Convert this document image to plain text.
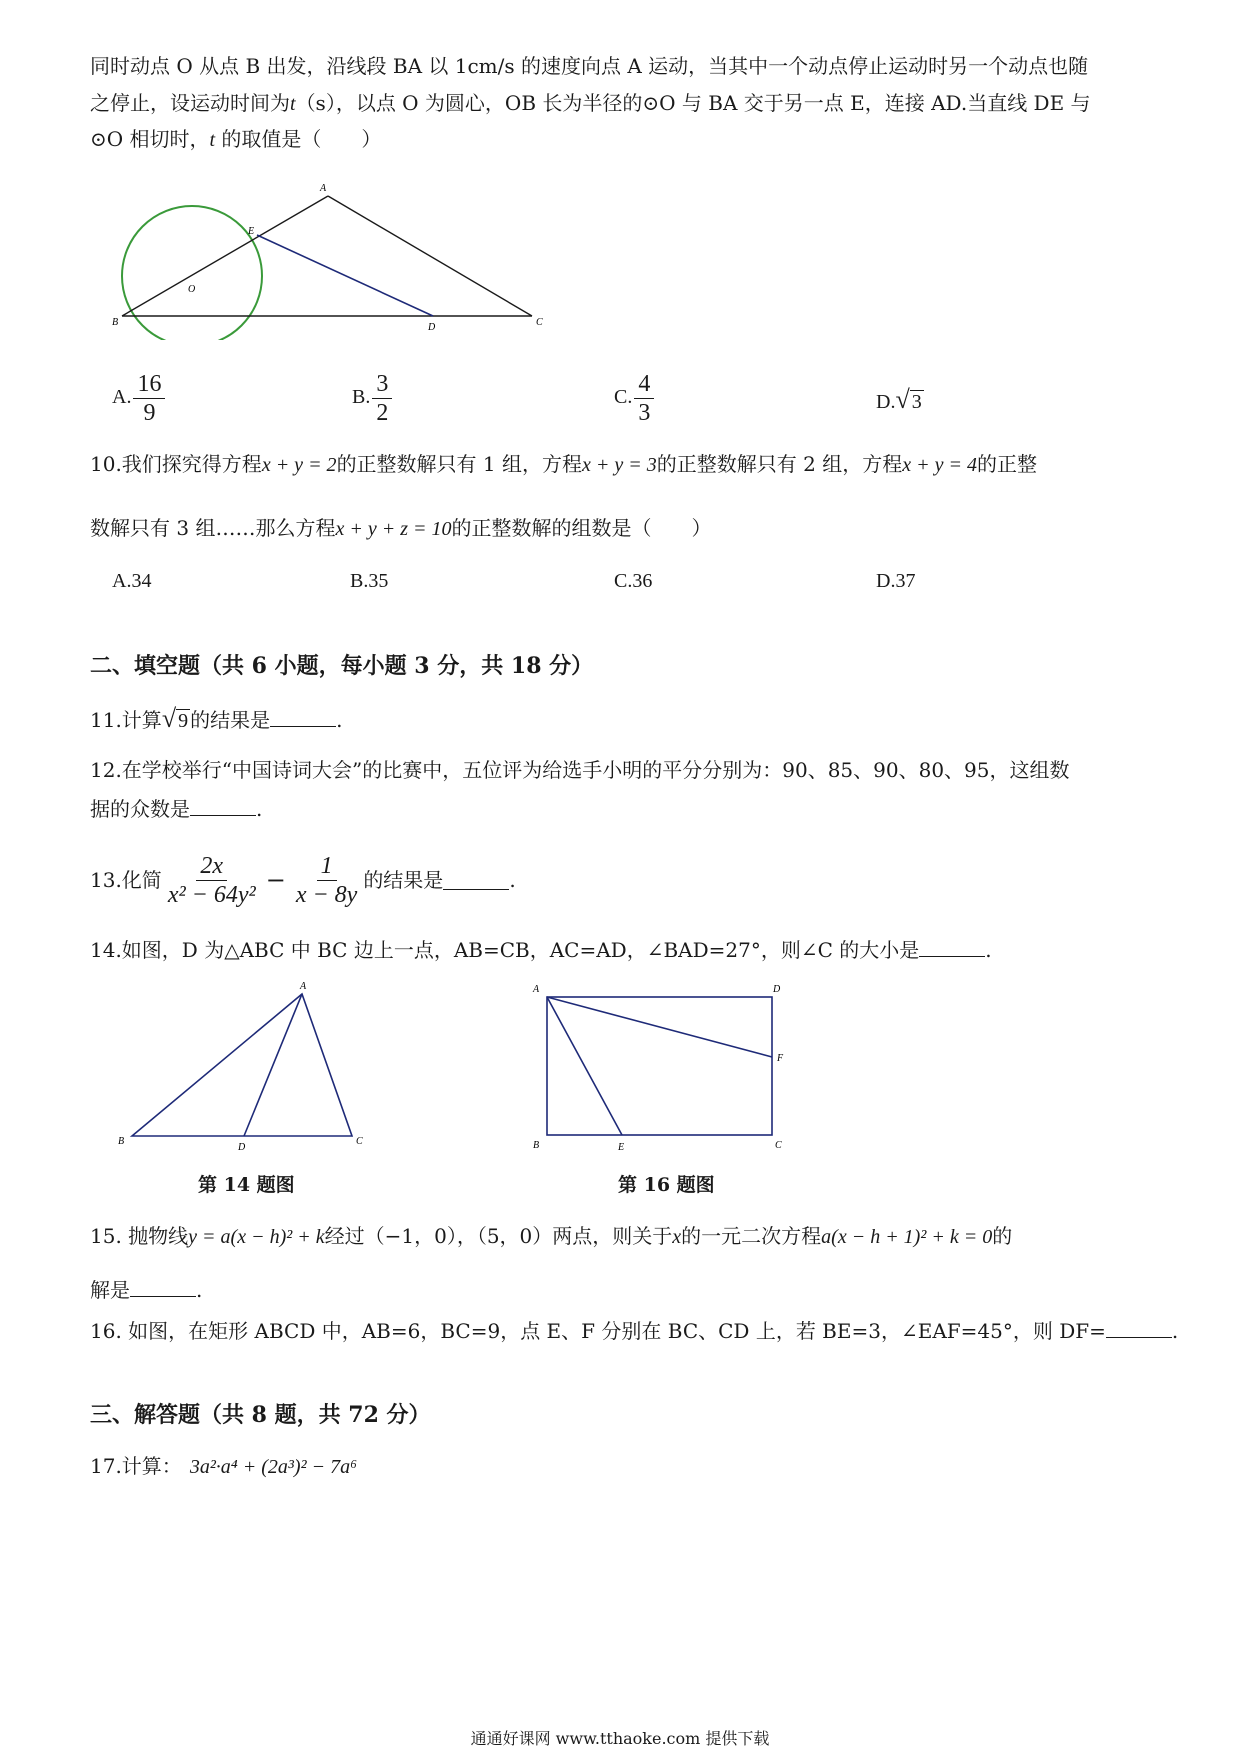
同时动点 O 从点 B 出发，沿线段 BA 以 1cm/s 的速度向点 A 运动，当其中一个动点停止运动时另一个动点也随
之停止，设运动时间为t（s），以点 O 为圆心，OB 长为半径的⊙O 与 BA 交于另一点 E，连接 AD.当直线 DE 与
⊙O 相切时，t 的取值是（　　）
A
E
O
B	D	C
A. $\frac{16}{9}$	B. $\frac{3}{2}$	C. $\frac{4}{3}$	D.√ 3
10.我们探究得方程x + y = 2的正整数解只有 1 组，方程x + y = 3的正整数解只有 2 组，方程x + y = 4的正整
数解只有 3 组……那么方程x + y + z = 10的正整数解的组数是（　　）
A.34	B.35	C.36	D.37
二、填空题（共 6 小题，每小题 3 分，共 18 分）
11.计算√ 9 的结果是	.
12.在学校举行“中国诗词大会”的比赛中，五位评为给选手小明的平分分别为：90、85、90、80、95，这组数
据的众数是	.
13.化简 $\frac{2x}{\text{x² − 64y²}} - \frac{1}{x - 8y}$ 的结果是	.
14.如图，D 为△ABC 中 BC 边上一点，AB=CB，AC=AD，∠BAD=27°，则∠C 的大小是	.
A
B
D
C
第 14 题图
A	D
F
B	E	C
第 16 题图
15. 抛物线y = a(x − h)² + k经过（−1，0），（5，0）两点，则关于x的一元二次方程a(x − h + 1)² + k = 0的
解是	.
16. 如图，在矩形 ABCD 中，AB=6，BC=9，点 E、F 分别在 BC、CD 上，若 BE=3，∠EAF=45°，则 DF=	.
三、解答题（共 8 题，共 72 分）
17.计算： 3a²·a⁴ + (2a³)² − 7a⁶
通通好课网 www.tthaoke.com 提供下载
